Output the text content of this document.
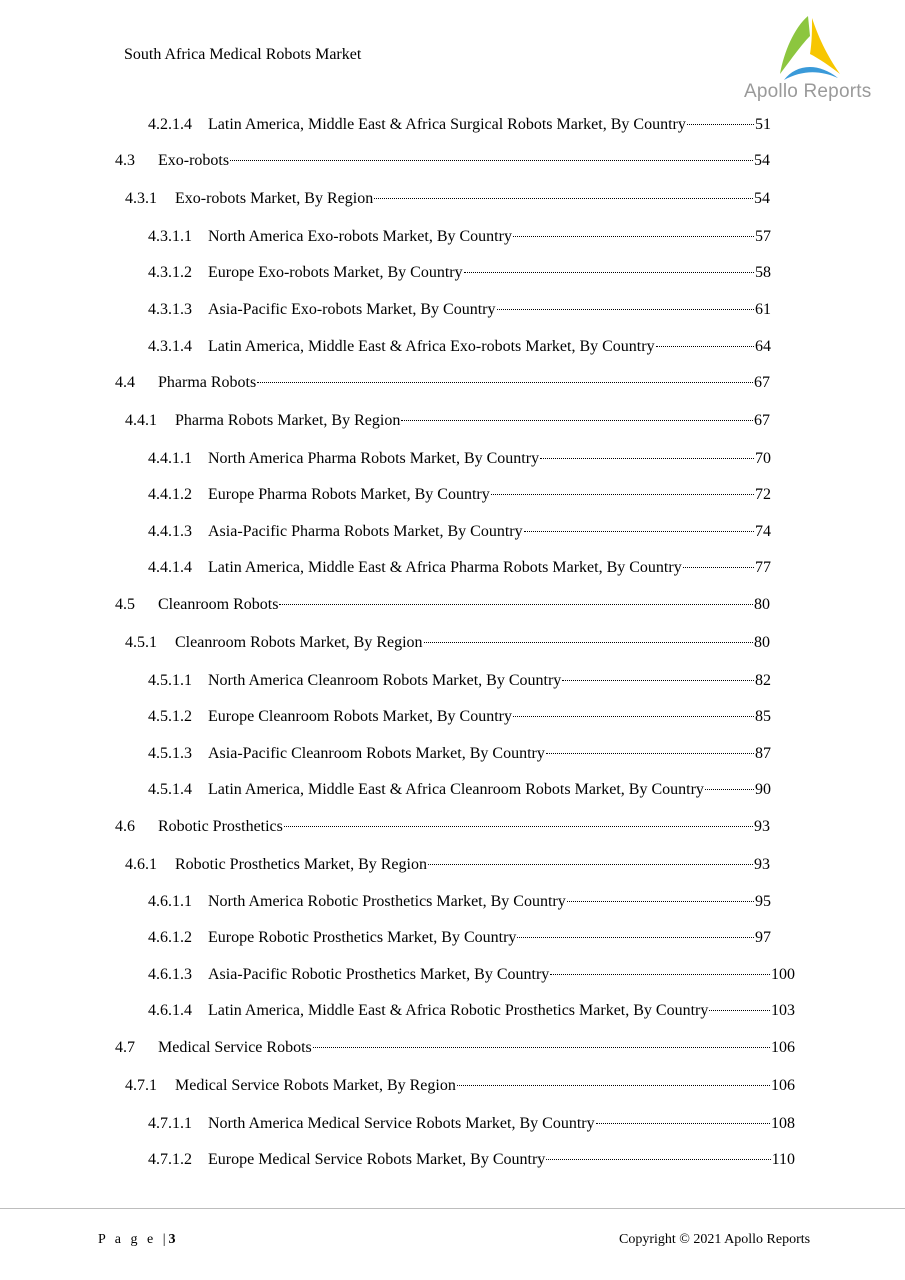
South Africa Medical Robots Market
Apollo Reports
4.2.1.4	Latin America, Middle East & Africa Surgical Robots Market, By Country	51
4.3	Exo-robots	54
4.3.1	Exo-robots Market, By Region	54
4.3.1.1	North America Exo-robots Market, By Country	57
4.3.1.2	Europe Exo-robots Market, By Country	58
4.3.1.3	Asia-Pacific Exo-robots Market, By Country	61
4.3.1.4	Latin America, Middle East & Africa Exo-robots Market, By Country	64
4.4	Pharma Robots	67
4.4.1	Pharma Robots Market, By Region	67
4.4.1.1	North America Pharma Robots Market, By Country	70
4.4.1.2	Europe Pharma Robots Market, By Country	72
4.4.1.3	Asia-Pacific Pharma Robots Market, By Country	74
4.4.1.4	Latin America, Middle East & Africa Pharma Robots Market, By Country	77
4.5	Cleanroom Robots	80
4.5.1	Cleanroom Robots Market, By Region	80
4.5.1.1	North America Cleanroom Robots Market, By Country	82
4.5.1.2	Europe Cleanroom Robots Market, By Country	85
4.5.1.3	Asia-Pacific Cleanroom Robots Market, By Country	87
4.5.1.4	Latin America, Middle East & Africa Cleanroom Robots Market, By Country	90
4.6	Robotic Prosthetics	93
4.6.1	Robotic Prosthetics Market, By Region	93
4.6.1.1	North America Robotic Prosthetics Market, By Country	95
4.6.1.2	Europe Robotic Prosthetics Market, By Country	97
4.6.1.3	Asia-Pacific Robotic Prosthetics Market, By Country	100
4.6.1.4	Latin America, Middle East & Africa Robotic Prosthetics Market, By Country	103
4.7	Medical Service Robots	106
4.7.1	Medical Service Robots Market, By Region	106
4.7.1.1	North America Medical Service Robots Market, By Country	108
4.7.1.2	Europe Medical Service Robots Market, By Country	110
P a g e |3	Copyright © 2021 Apollo Reports
